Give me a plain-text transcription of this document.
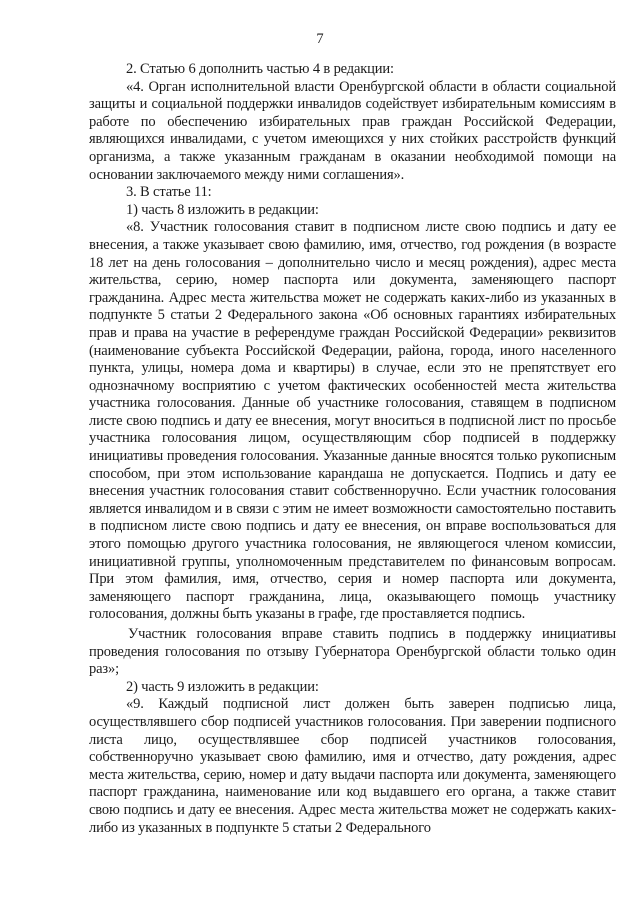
7

2. Статью 6 дополнить частью 4 в редакции:

«4. Орган исполнительной власти Оренбургской области в области социальной защиты и социальной поддержки инвалидов содействует избирательным комиссиям в работе по обеспечению избирательных прав граждан Российской Федерации, являющихся инвалидами, с учетом имеющихся у них стойких расстройств функций организма, а также указанным гражданам в оказании необходимой помощи на основании заключаемого между ними соглашения».

3. В статье 11:

1) часть 8 изложить в редакции:

«8. Участник голосования ставит в подписном листе свою подпись и дату ее внесения, а также указывает свою фамилию, имя, отчество, год рождения (в возрасте 18 лет на день голосования – дополнительно число и месяц рождения), адрес места жительства, серию, номер паспорта или документа, заменяющего паспорт гражданина. Адрес места жительства может не содержать каких-либо из указанных в подпункте 5 статьи 2 Федерального закона «Об основных гарантиях избирательных прав и права на участие в референдуме граждан Российской Федерации» реквизитов (наименование субъекта Российской Федерации, района, города, иного населенного пункта, улицы, номера дома и квартиры) в случае, если это не препятствует его однозначному восприятию с учетом фактических особенностей места жительства участника голосования. Данные об участнике голосования, ставящем в подписном листе свою подпись и дату ее внесения, могут вноситься в подписной лист по просьбе участника голосования лицом, осуществляющим сбор подписей в поддержку инициативы проведения голосования. Указанные данные вносятся только рукописным способом, при этом использование карандаша не допускается. Подпись и дату ее внесения участник голосования ставит собственноручно. Если участник голосования является инвалидом и в связи с этим не имеет возможности самостоятельно поставить в подписном листе свою подпись и дату ее внесения, он вправе воспользоваться для этого помощью другого участника голосования, не являющегося членом комиссии, инициативной группы, уполномоченным представителем по финансовым вопросам. При этом фамилия, имя, отчество, серия и номер паспорта или документа, заменяющего паспорт гражданина, лица, оказывающего помощь участнику голосования, должны быть указаны в графе, где проставляется подпись.

Участник голосования вправе ставить подпись в поддержку инициативы проведения голосования по отзыву Губернатора Оренбургской области только один раз»;

2) часть 9 изложить в редакции:

«9. Каждый подписной лист должен быть заверен подписью лица, осуществлявшего сбор подписей участников голосования. При заверении подписного листа лицо, осуществлявшее сбор подписей участников голосования, собственноручно указывает свою фамилию, имя и отчество, дату рождения, адрес места жительства, серию, номер и дату выдачи паспорта или документа, заменяющего паспорт гражданина, наименование или код выдавшего его органа, а также ставит свою подпись и дату ее внесения. Адрес места жительства может не содержать каких-либо из указанных в подпункте 5 статьи 2 Федерального
